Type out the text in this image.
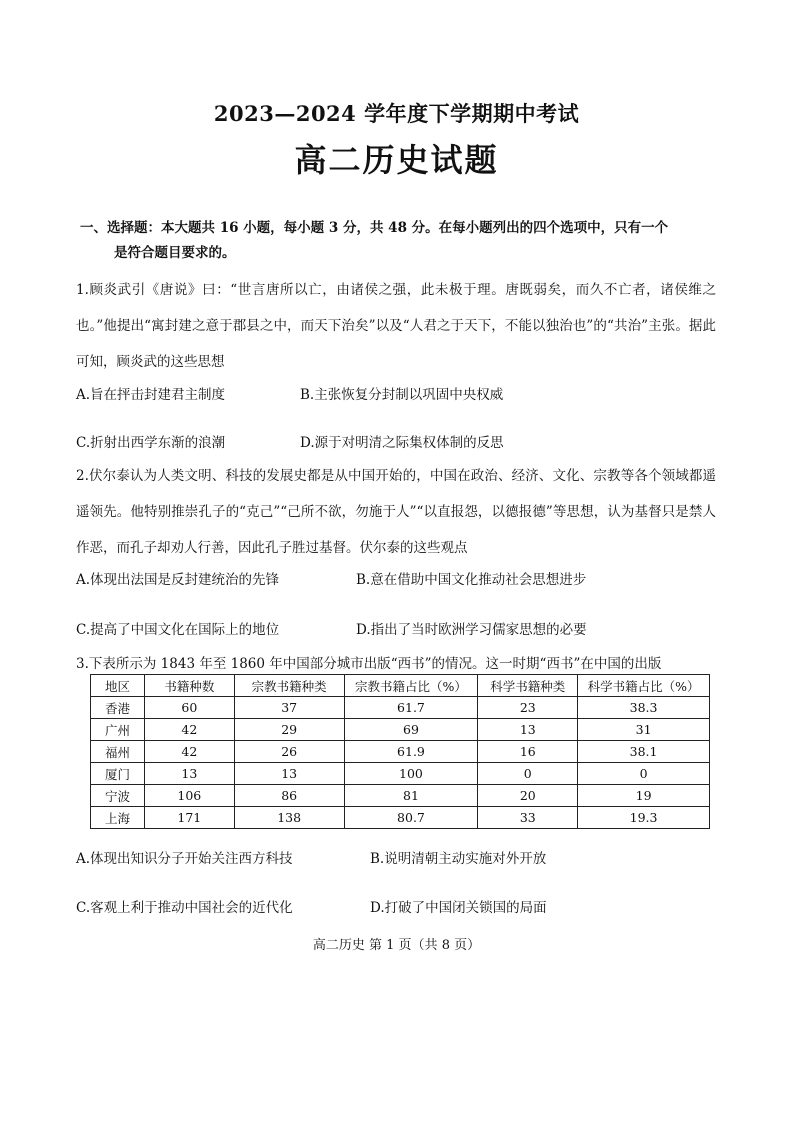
2023—2024 学年度下学期期中考试
高二历史试题
一、选择题：本大题共 16 小题，每小题 3 分，共 48 分。在每小题列出的四个选项中，只有一个
是符合题目要求的。
1.顾炎武引《唐说》曰：“世言唐所以亡，由诸侯之强，此未极于理。唐既弱矣，而久不亡者，诸侯维之也。”他提出“寓封建之意于郡县之中，而天下治矣”以及“人君之于天下，不能以独治也”的“共治”主张。据此可知，顾炎武的这些思想
A.旨在抨击封建君主制度	B.主张恢复分封制以巩固中央权威
C.折射出西学东渐的浪潮	D.源于对明清之际集权体制的反思
2.伏尔泰认为人类文明、科技的发展史都是从中国开始的，中国在政治、经济、文化、宗教等各个领域都遥遥领先。他特别推崇孔子的“克己”“己所不欲，勿施于人”“以直报怨，以德报德”等思想，认为基督只是禁人作恶，而孔子却劝人行善，因此孔子胜过基督。伏尔泰的这些观点
A.体现出法国是反封建统治的先锋	B.意在借助中国文化推动社会思想进步
C.提高了中国文化在国际上的地位	D.指出了当时欧洲学习儒家思想的必要
3.下表所示为 1843 年至 1860 年中国部分城市出版“西书”的情况。这一时期“西书”在中国的出版
地区	书籍种数	宗教书籍种类	宗教书籍占比（%）	科学书籍种类	科学书籍占比（%）
香港	60	37	61.7	23	38.3
广州	42	29	69	13	31
福州	42	26	61.9	16	38.1
厦门	13	13	100	0	0
宁波	106	86	81	20	19
上海	171	138	80.7	33	19.3
A.体现出知识分子开始关注西方科技	B.说明清朝主动实施对外开放
C.客观上利于推动中国社会的近代化	D.打破了中国闭关锁国的局面
高二历史 第 1 页（共 8 页）
